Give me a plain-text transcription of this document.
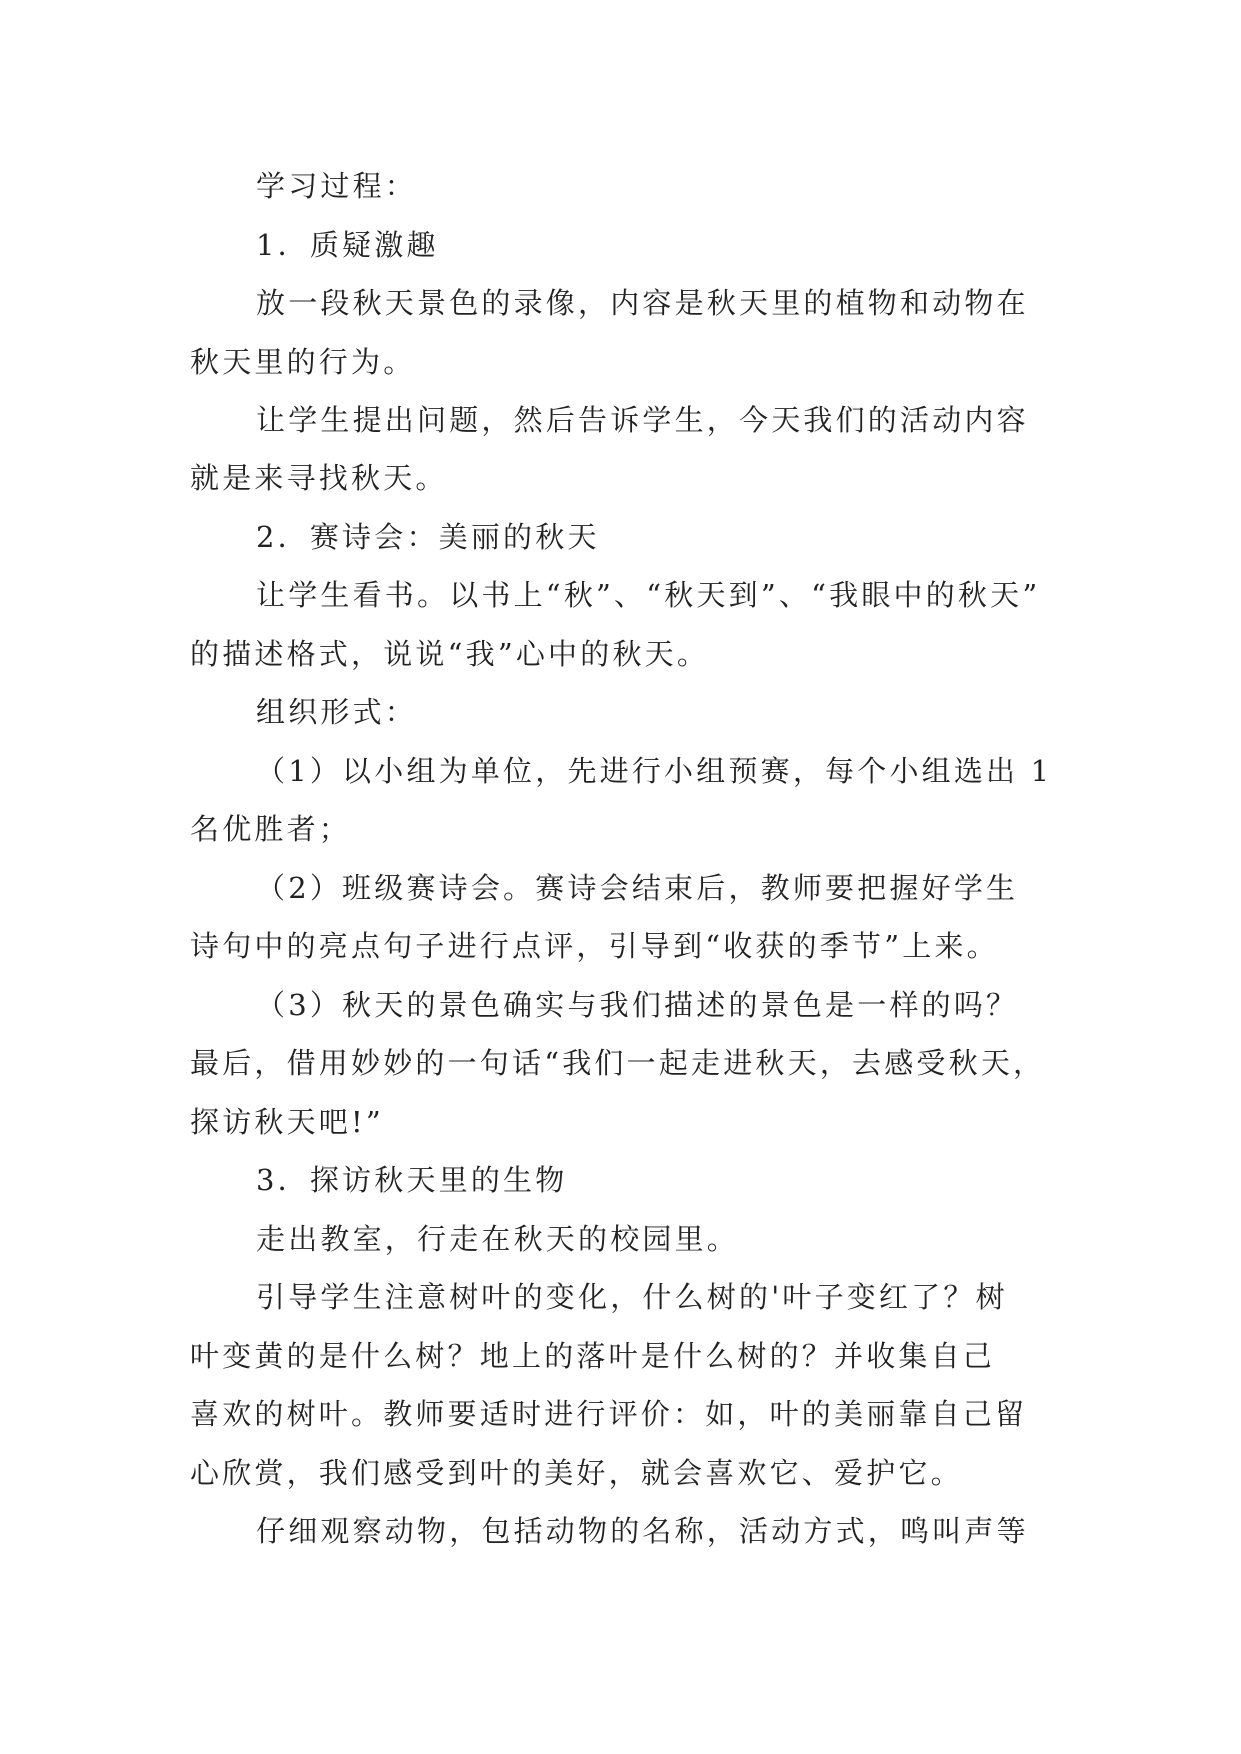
学习过程：

1．质疑激趣

放一段秋天景色的录像，内容是秋天里的植物和动物在

秋天里的行为。

让学生提出问题，然后告诉学生，今天我们的活动内容

就是来寻找秋天。

2．赛诗会：美丽的秋天

让学生看书。以书上“秋”、“秋天到”、“我眼中的秋天”

的描述格式，说说“我”心中的秋天。

组织形式：

（1）以小组为单位，先进行小组预赛，每个小组选出 1

名优胜者；

（2）班级赛诗会。赛诗会结束后，教师要把握好学生

诗句中的亮点句子进行点评，引导到“收获的季节”上来。

（3）秋天的景色确实与我们描述的景色是一样的吗？

最后，借用妙妙的一句话“我们一起走进秋天，去感受秋天，

探访秋天吧!”

3．探访秋天里的生物

走出教室，行走在秋天的校园里。

引导学生注意树叶的变化，什么树的'叶子变红了？树

叶变黄的是什么树？地上的落叶是什么树的？并收集自己

喜欢的树叶。教师要适时进行评价：如，叶的美丽靠自己留

心欣赏，我们感受到叶的美好，就会喜欢它、爱护它。

仔细观察动物，包括动物的名称，活动方式，鸣叫声等
